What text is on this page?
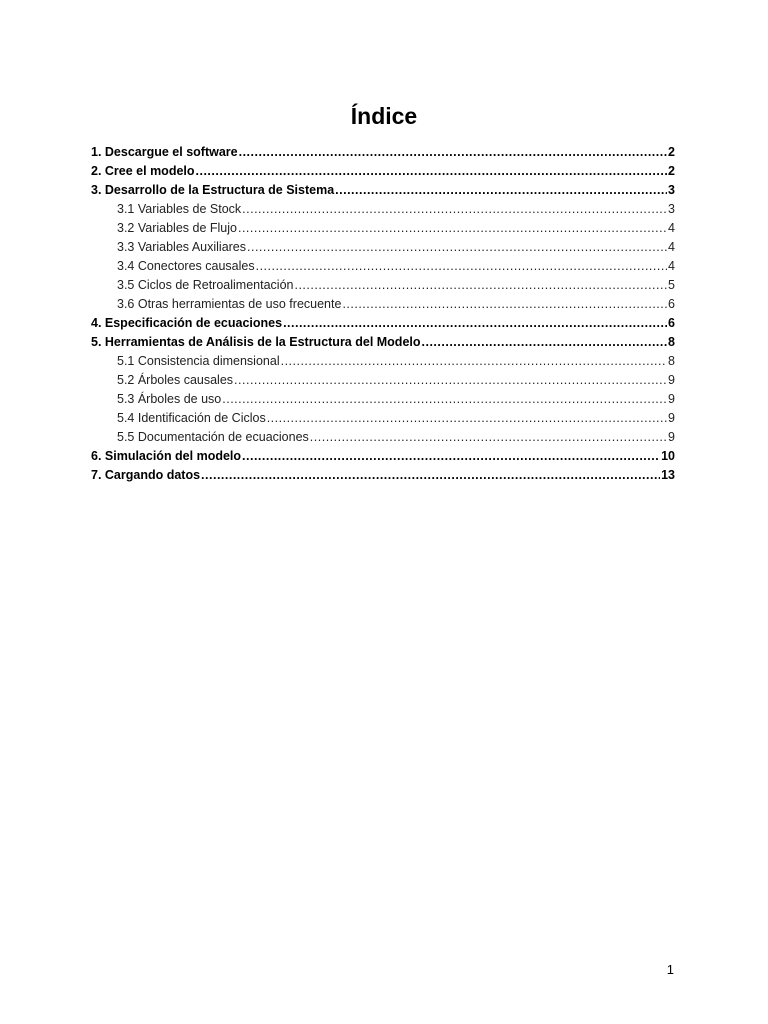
Índice
1. Descargue el software .....	2
2. Cree el modelo .....	2
3. Desarrollo de la Estructura de Sistema .....	3
3.1 Variables de Stock .....	3
3.2 Variables de Flujo .....	4
3.3 Variables Auxiliares .....	4
3.4 Conectores causales .....	4
3.5 Ciclos de Retroalimentación .....	5
3.6 Otras herramientas de uso frecuente .....	6
4. Especificación de ecuaciones .....	6
5. Herramientas de Análisis de la Estructura del Modelo .....	8
5.1 Consistencia dimensional .....	8
5.2 Árboles causales .....	9
5.3 Árboles de uso .....	9
5.4 Identificación de Ciclos .....	9
5.5 Documentación de ecuaciones .....	9
6. Simulación del modelo .....	10
7. Cargando datos .....	13
1
